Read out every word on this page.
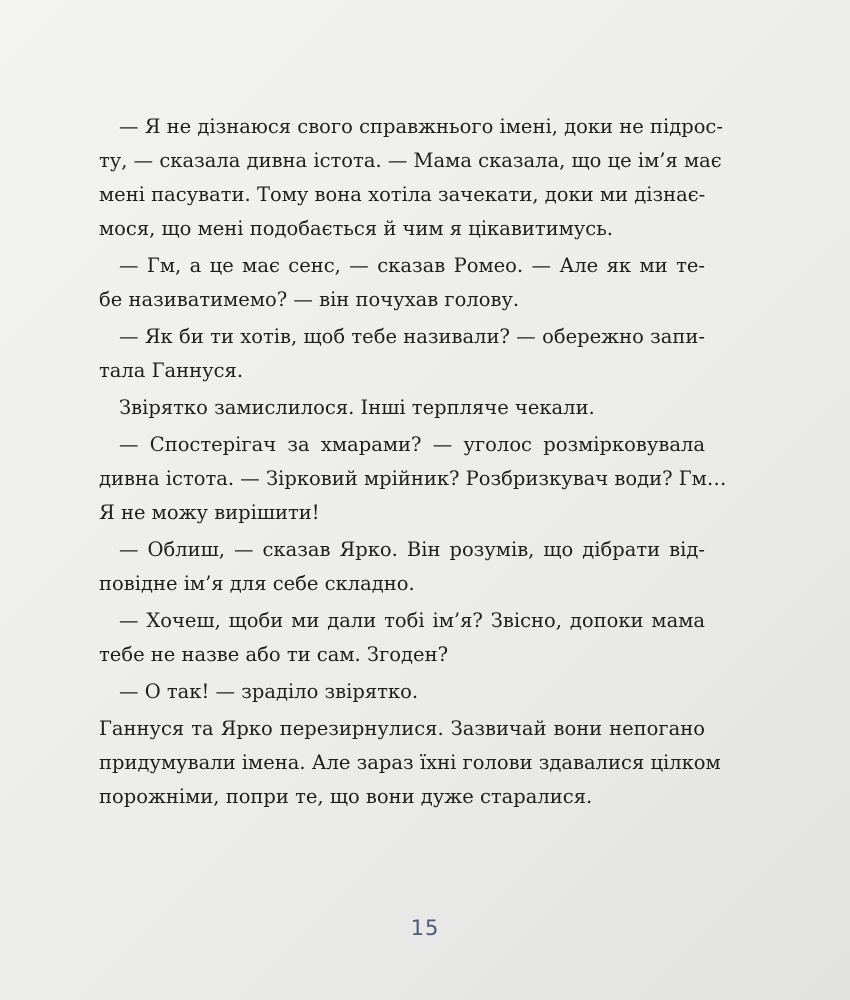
— Я не дізнаюся свого справжнього імені, доки не підрос-
ту, — сказала дивна істота. — Мама сказала, що це ім’я має
мені пасувати. Тому вона хотіла зачекати, доки ми дізнає-
мося, що мені подобається й чим я цікавитимусь.
— Гм, а це має сенс, — сказав Ромео. — Але як ми те-
бе називатимемо? — він почухав голову.
— Як би ти хотів, щоб тебе називали? — обережно запи-
тала Ганнуся.
Звірятко замислилося. Інші терпляче чекали.
— Спостерігач за хмарами? — уголос розмірковувала
дивна істота. — Зірковий мрійник? Розбризкувач води? Гм…
Я не можу вирішити!
— Облиш, — сказав Ярко. Він розумів, що дібрати від-
повідне ім’я для себе складно.
— Хочеш, щоби ми дали тобі ім’я? Звісно, допоки мама
тебе не назве або ти сам. Згоден?
— О так! — зраділо звірятко.
Ганнуся та Ярко перезирнулися. Зазвичай вони непогано
придумували імена. Але зараз їхні голови здавалися цілком
порожніми, попри те, що вони дуже старалися.
15
